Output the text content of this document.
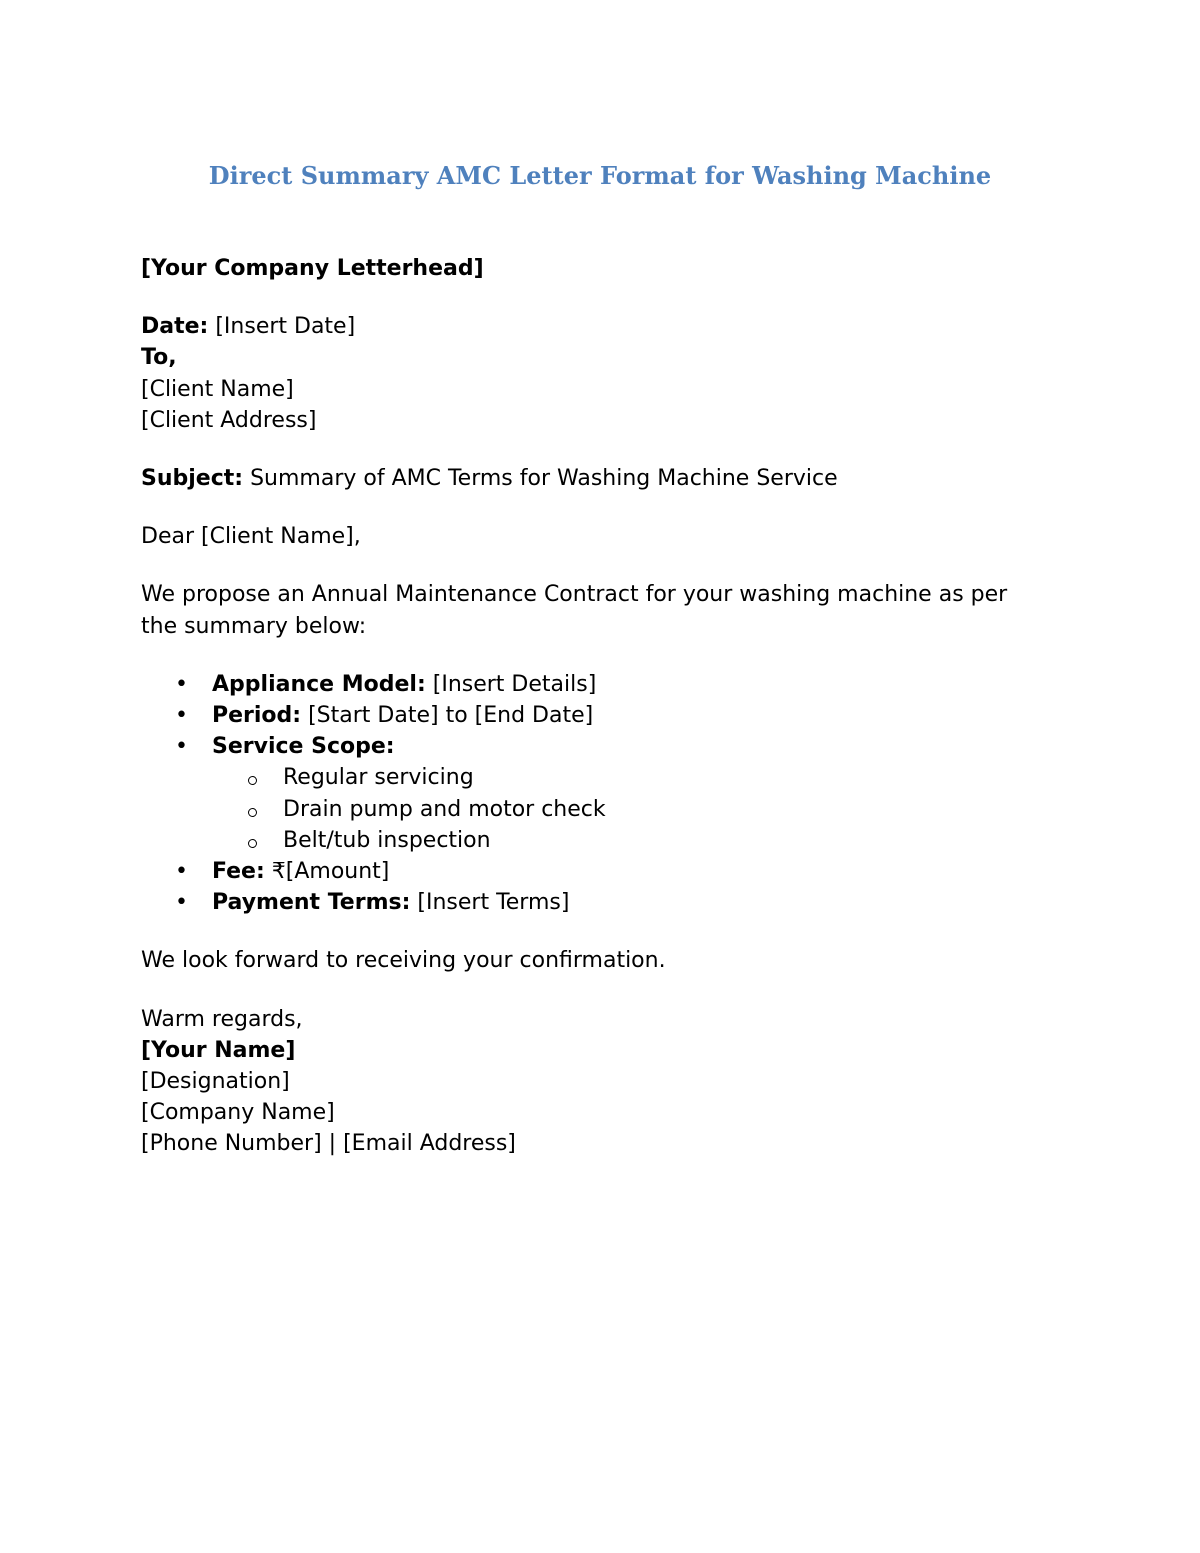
Direct Summary AMC Letter Format for Washing Machine
[Your Company Letterhead]
Date: [Insert Date]
To,
[Client Name]
[Client Address]
Subject: Summary of AMC Terms for Washing Machine Service
Dear [Client Name],
We propose an Annual Maintenance Contract for your washing machine as per the summary below:
• Appliance Model: [Insert Details]
• Period: [Start Date] to [End Date]
• Service Scope:
Regular servicing
Drain pump and motor check
Belt/tub inspection
• Fee: ₹[Amount]
• Payment Terms: [Insert Terms]
We look forward to receiving your confirmation.
Warm regards,
[Your Name]
[Designation]
[Company Name]
[Phone Number] | [Email Address]
